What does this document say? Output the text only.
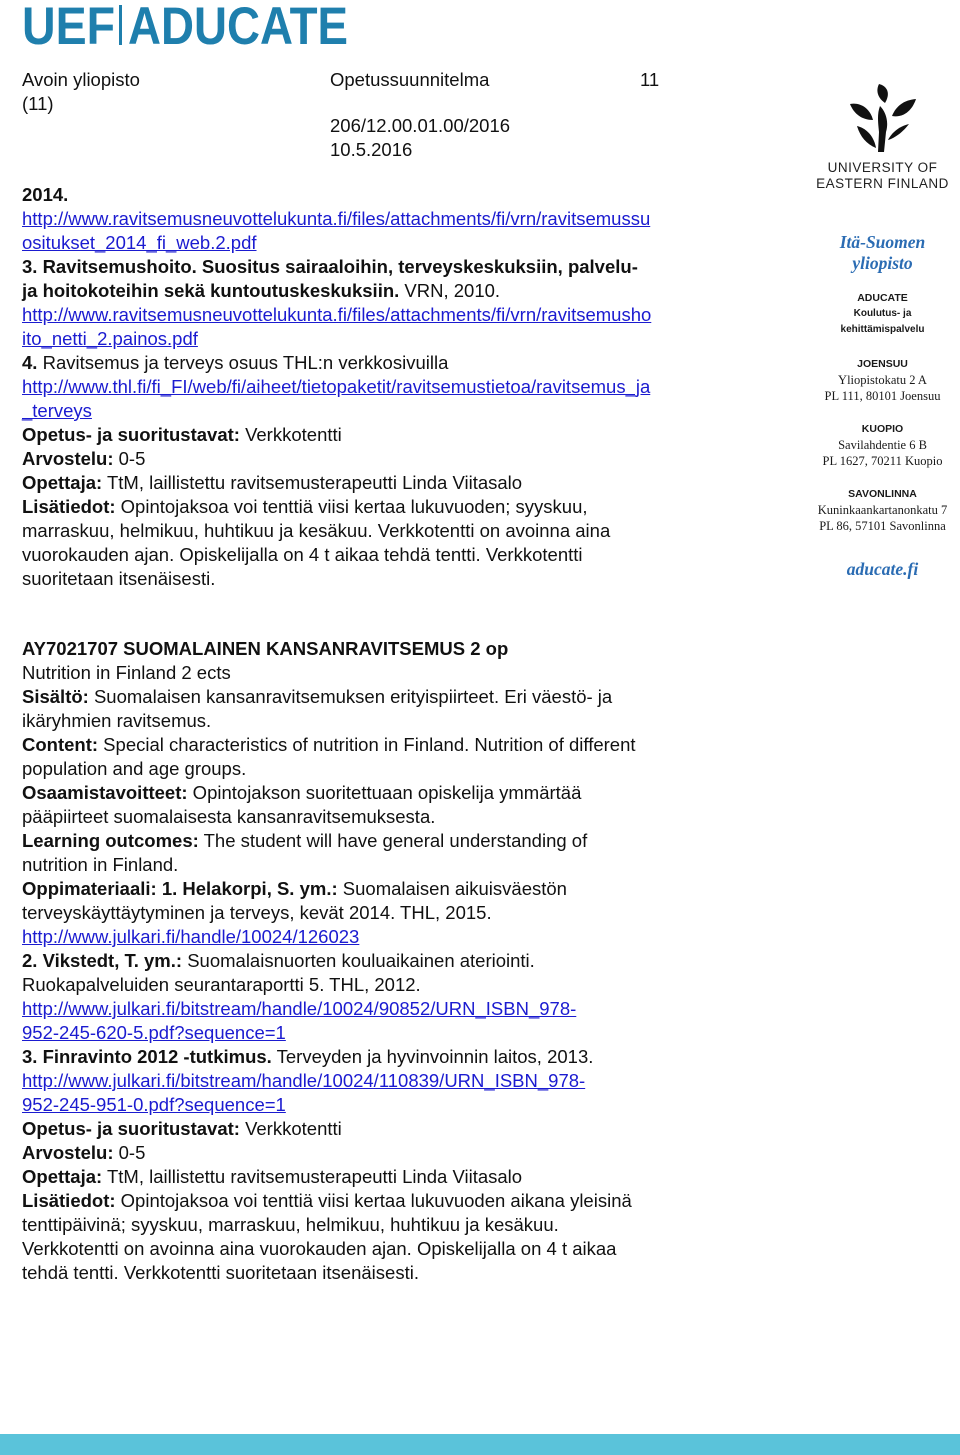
UEF ADUCATE
Avoin yliopisto	Opetussuunnitelma	11
(11)
206/12.00.01.00/2016
10.5.2016
2014.
http://www.ravitsemusneuvottelukunta.fi/files/attachments/fi/vrn/ravitsemussu
ositukset_2014_fi_web.2.pdf
3. Ravitsemushoito. Suositus sairaaloihin, terveyskeskuksiin, palvelu-
ja hoitokoteihin sekä kuntoutuskeskuksiin. VRN, 2010.
http://www.ravitsemusneuvottelukunta.fi/files/attachments/fi/vrn/ravitsemusho
ito_netti_2.painos.pdf
4. Ravitsemus ja terveys osuus THL:n verkkosivuilla
http://www.thl.fi/fi_FI/web/fi/aiheet/tietopaketit/ravitsemustietoa/ravitsemus_ja
_terveys
Opetus- ja suoritustavat: Verkkotentti
Arvostelu: 0-5
Opettaja: TtM, laillistettu ravitsemusterapeutti Linda Viitasalo
Lisätiedot: Opintojaksoa voi tenttiä viisi kertaa lukuvuoden; syyskuu,
marraskuu, helmikuu, huhtikuu ja kesäkuu. Verkkotentti on avoinna aina
vuorokauden ajan. Opiskelijalla on 4 t aikaa tehdä tentti. Verkkotentti
suoritetaan itsenäisesti.
AY7021707 SUOMALAINEN KANSANRAVITSEMUS 2 op
Nutrition in Finland 2 ects
Sisältö: Suomalaisen kansanravitsemuksen erityispiirteet. Eri väestö- ja
ikäryhmien ravitsemus.
Content: Special characteristics of nutrition in Finland. Nutrition of different
population and age groups.
Osaamistavoitteet: Opintojakson suoritettuaan opiskelija ymmärtää
pääpiirteet suomalaisesta kansanravitsemuksesta.
Learning outcomes: The student will have general understanding of
nutrition in Finland.
Oppimateriaali: 1. Helakorpi, S. ym.: Suomalaisen aikuisväestön
terveyskäyttäytyminen ja terveys, kevät 2014. THL, 2015.
http://www.julkari.fi/handle/10024/126023
2. Vikstedt, T. ym.: Suomalaisnuorten kouluaikainen ateriointi.
Ruokapalveluiden seurantaraportti 5. THL, 2012.
http://www.julkari.fi/bitstream/handle/10024/90852/URN_ISBN_978-
952-245-620-5.pdf?sequence=1
3. Finravinto 2012 -tutkimus. Terveyden ja hyvinvoinnin laitos, 2013.
http://www.julkari.fi/bitstream/handle/10024/110839/URN_ISBN_978-
952-245-951-0.pdf?sequence=1
Opetus- ja suoritustavat: Verkkotentti
Arvostelu: 0-5
Opettaja: TtM, laillistettu ravitsemusterapeutti Linda Viitasalo
Lisätiedot: Opintojaksoa voi tenttiä viisi kertaa lukuvuoden aikana yleisinä
tenttipäivinä; syyskuu, marraskuu, helmikuu, huhtikuu ja kesäkuu.
Verkkotentti on avoinna aina vuorokauden ajan. Opiskelijalla on 4 t aikaa
tehdä tentti. Verkkotentti suoritetaan itsenäisesti.
UNIVERSITY OF
EASTERN FINLAND
Itä-Suomen
yliopisto
ADUCATE
Koulutus- ja
kehittämispalvelu
JOENSUU
Yliopistokatu 2 A
PL 111, 80101 Joensuu
KUOPIO
Savilahdentie 6 B
PL 1627, 70211 Kuopio
SAVONLINNA
Kuninkaankartanonkatu 7
PL 86, 57101 Savonlinna
aducate.fi
